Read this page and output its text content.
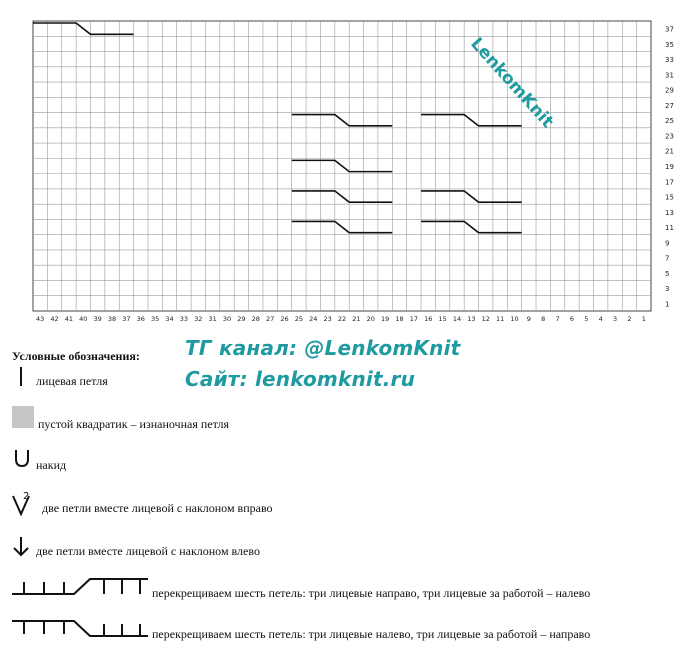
1
3
5
7
9
11
13
15
17
19
21
23
25
27
29
31
33
35
37
43 42 41 40 39 38 37 36 35 34 33 32 31 30 29 28 27 26 25 24 23 22 21 20 19 18 17 16 15 14 13 12 11 10 9 8 7 6 5 4 3 2 1
LenkomKnit
Условные обозначения: ТГ канал: @LenkomKnit
Сайт: lenkomknit.ru
лицевая петля
пустой квадратик – изнаночная петля
накид
2
две петли вместе лицевой с наклоном вправо
две петли вместе лицевой с наклоном влево
перекрещиваем шесть петель: три лицевые направо, три лицевые за работой – налево
перекрещиваем шесть петель: три лицевые налево, три лицевые за работой – направо
